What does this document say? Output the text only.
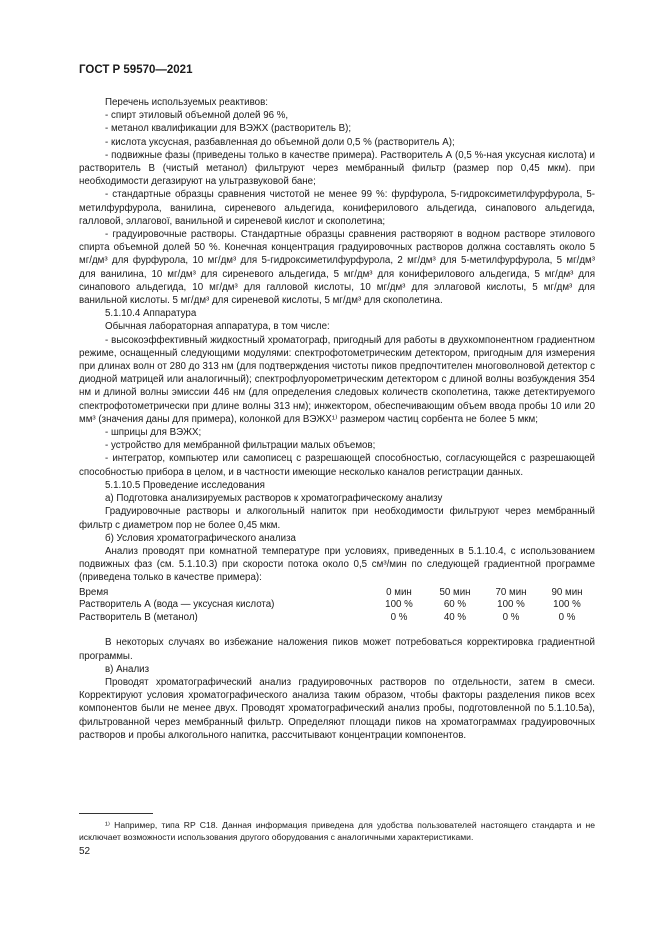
ГОСТ Р 59570—2021

Перечень используемых реактивов:

- спирт этиловый объемной долей 96 %,

- метанол квалификации для ВЭЖХ (растворитель В);

- кислота уксусная, разбавленная до объемной доли 0,5 % (растворитель А);

- подвижные фазы (приведены только в качестве примера). Растворитель А (0,5 %-ная уксусная кислота) и растворитель В (чистый метанол) фильтруют через мембранный фильтр (размер пор 0,45 мкм). при необходимости дегазируют на ультразвуковой бане;

- стандартные образцы сравнения чистотой не менее 99 %: фурфурола, 5-гидроксиметилфурфурола, 5-метилфурфурола, ванилина, сиреневого альдегида, кониферилового альдегида, синапового альдегида, галловой, эллагової, ванильной и сиреневой кислот и скополетина;

- градуировочные растворы. Стандартные образцы сравнения растворяют в водном растворе этилового спирта объемной долей 50 %. Конечная концентрация градуировочных растворов должна составлять около 5 мг/дм³ для фурфурола, 10 мг/дм³ для 5-гидроксиметилфурфурола, 2 мг/дм³ для 5-метилфурфурола, 5 мг/дм³ для ванилина, 10 мг/дм³ для сиреневого альдегида, 5 мг/дм³ для кониферилового альдегида, 5 мг/дм³ для синапового альдегида, 10 мг/дм³ для галловой кислоты, 10 мг/дм³ для эллаговой кислоты, 5 мг/дм³ для ванильной кислоты. 5 мг/дм³ для сиреневой кислоты, 5 мг/дм³ для скополетина.

5.1.10.4 Аппаратура

Обычная лабораторная аппаратура, в том числе:

- высокоэффективный жидкостный хроматограф, пригодный для работы в двухкомпонентном градиентном режиме, оснащенный следующими модулями: спектрофотометрическим детектором, пригодным для измерения при длинах волн от 280 до 313 нм (для подтверждения чистоты пиков предпочтителен многоволновой детектор с диодной матрицей или аналогичный); спектрофлуорометрическим детектором с длиной волны возбуждения 354 нм и длиной волны эмиссии 446 нм (для определения следовых количеств скополетина, также детектируемого спектрофотометрически при длине волны 313 нм); инжектором, обеспечивающим объем ввода пробы 10 или 20 мм³ (значения даны для примера), колонкой для ВЭЖХ¹⁾ размером частиц сорбента не более 5 мкм;

- шприцы для ВЭЖХ;

- устройство для мембранной фильтрации малых объемов;

- интегратор, компьютер или самописец с разрешающей способностью, согласующейся с разрешающей способностью прибора в целом, и в частности имеющие несколько каналов регистрации данных.

5.1.10.5 Проведение исследования

а) Подготовка анализируемых растворов к хроматографическому анализу

Градуировочные растворы и алкогольный напиток при необходимости фильтруют через мембранный фильтр с диаметром пор не более 0,45 мкм.

б) Условия хроматографического анализа

Анализ проводят при комнатной температуре при условиях, приведенных в 5.1.10.4, с использованием подвижных фаз (см. 5.1.10.3) при скорости потока около 0,5 см³/мин по следующей градиентной программе (приведена только в качестве примера):

Время	0 мин	50 мин	70 мин	90 мин
Растворитель А (вода — уксусная кислота)	100 %	60 %	100 %	100 %
Растворитель В (метанол)	0 %	40 %	0 %	0 %

В некоторых случаях во избежание наложения пиков может потребоваться корректировка градиентной программы.

в) Анализ

Проводят хроматографический анализ градуировочных растворов по отдельности, затем в смеси. Корректируют условия хроматографического анализа таким образом, чтобы факторы разделения пиков всех компонентов были не менее двух. Проводят хроматографический анализ пробы, подготовленной по 5.1.10.5а), фильтрованной через мембранный фильтр. Определяют площади пиков на хроматограммах градуировочных растворов и пробы алкогольного напитка, рассчитывают концентрации компонентов.

¹⁾ Например, типа RP C18. Данная информация приведена для удобства пользователей настоящего стандарта и не исключает возможности использования другого оборудования с аналогичными характеристиками.

52
